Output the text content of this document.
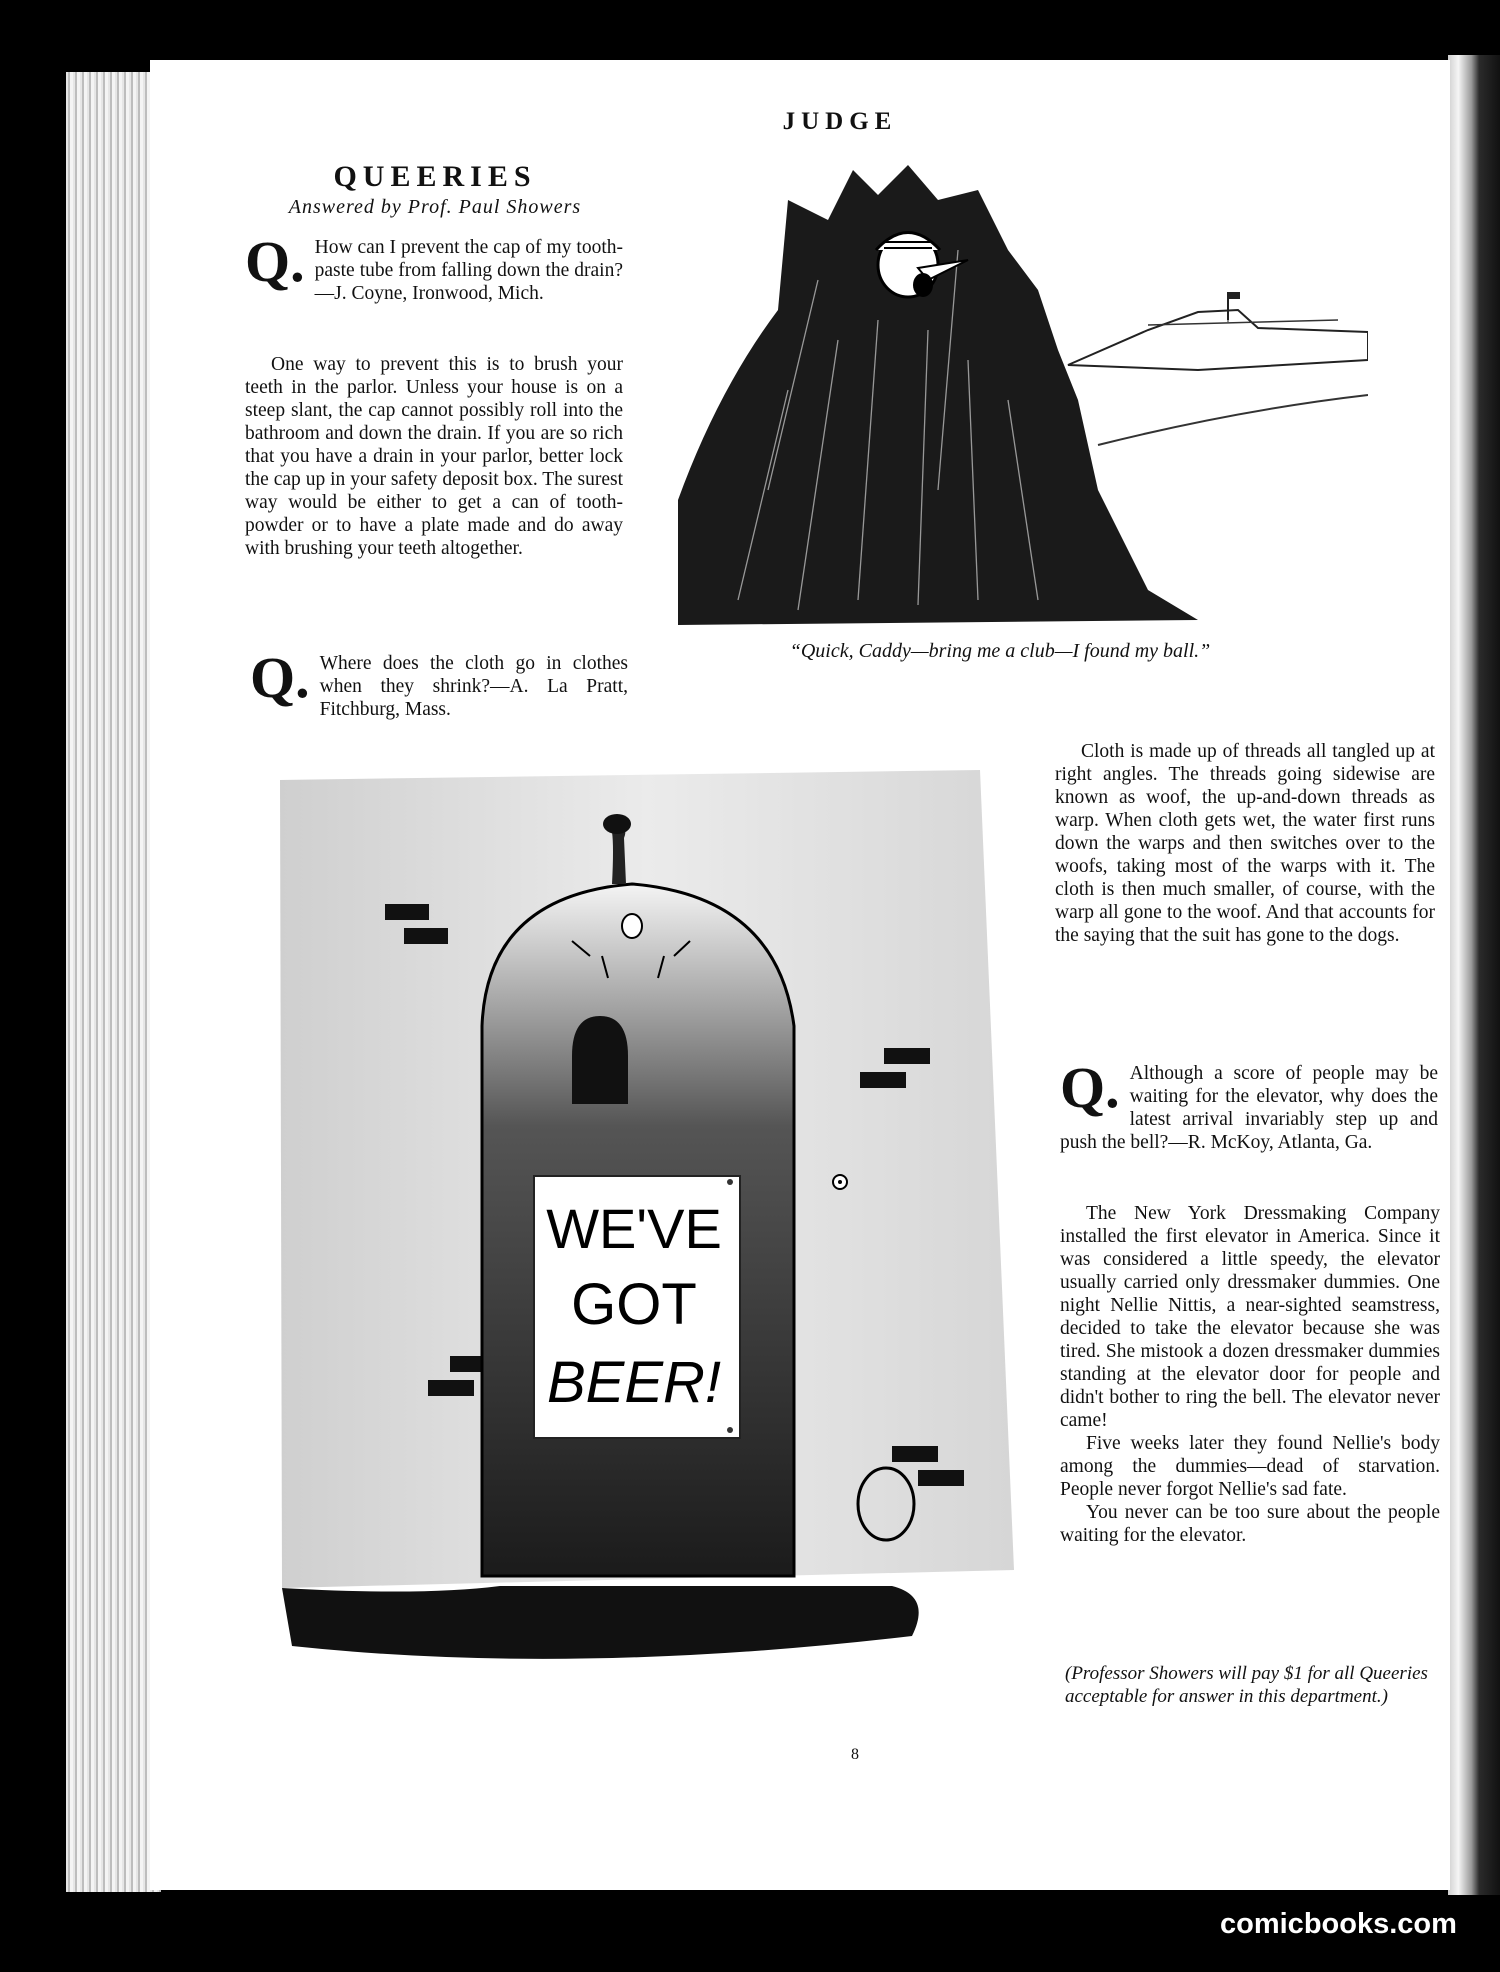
JUDGE
QUEERIES
Answered by Prof. Paul Showers
Q. How can I prevent the cap of my tooth-paste tube from falling down the drain?—J. Coyne, Ironwood, Mich.

One way to prevent this is to brush your teeth in the parlor. Unless your house is on a steep slant, the cap cannot possibly roll into the bathroom and down the drain. If you are so rich that you have a drain in your parlor, better lock the cap up in your safety deposit box. The surest way would be either to get a can of tooth-powder or to have a plate made and do away with brushing your teeth altogether.

Q. Where does the cloth go in clothes when they shrink?—A. La Pratt, Fitchburg, Mass.
“Quick, Caddy—bring me a club—I found my ball.”
WE'VE
GOT
BEER!

Cloth is made up of threads all tangled up at right angles. The threads going sidewise are known as woof, the up-and-down threads as warp. When cloth gets wet, the water first runs down the warps and then switches over to the woofs, taking most of the warps with it. The cloth is then much smaller, of course, with the warp all gone to the woof. And that accounts for the saying that the suit has gone to the dogs.

Q. Although a score of people may be waiting for the elevator, why does the latest arrival invariably step up and push the bell?—R. McKoy, Atlanta, Ga.

The New York Dressmaking Company installed the first elevator in America. Since it was considered a little speedy, the elevator usually carried only dressmaker dummies. One night Nellie Nittis, a near-sighted seamstress, decided to take the elevator because she was tired. She mistook a dozen dressmaker dummies standing at the elevator door for people and didn't bother to ring the bell. The elevator never came!

Five weeks later they found Nellie's body among the dummies—dead of starvation. People never forgot Nellie's sad fate.

You never can be too sure about the people waiting for the elevator.

(Professor Showers will pay $1 for all Queeries acceptable for answer in this department.)
8
comicbooks.com
